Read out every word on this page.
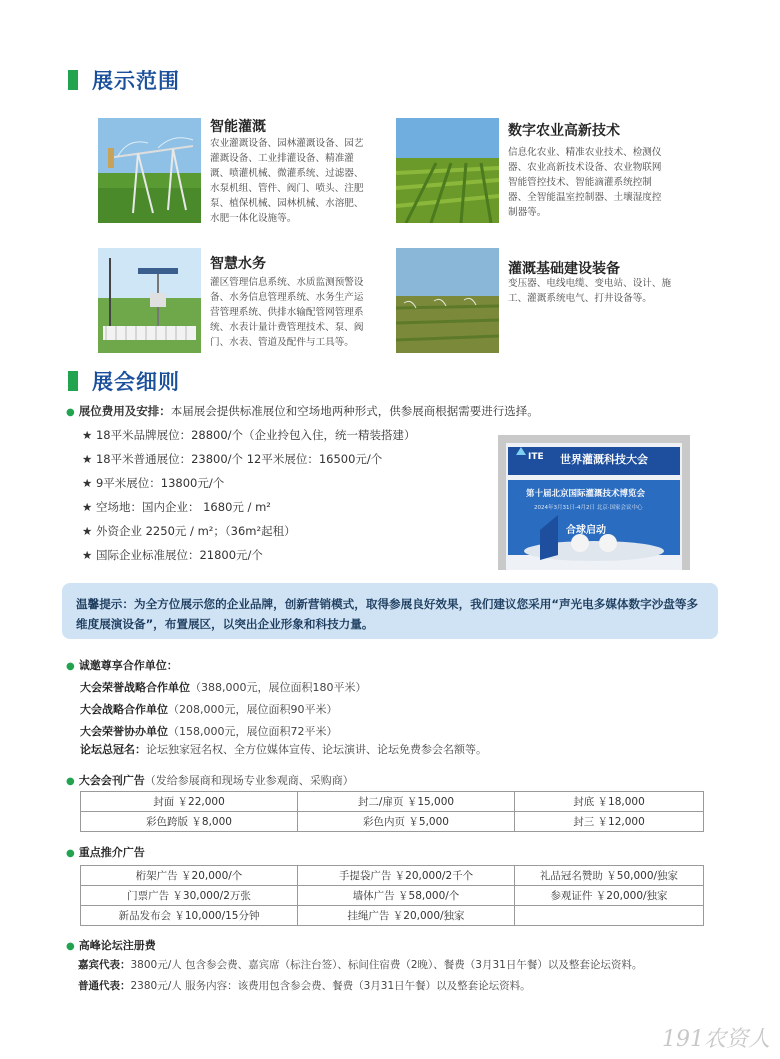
展示范围
智能灌溉
农业灌溉设备、园林灌溉设备、园艺灌溉设备、工业排灌设备、精准灌溉、喷灌机械、微灌系统、过滤器、水泵机组、管件、阀门、喷头、注肥泵、植保机械、园林机械、水溶肥、水肥一体化设施等。
数字农业高新技术
信息化农业、精准农业技术、检测仪器、农业高新技术设备、农业物联网智能管控技术、智能滴灌系统控制器、全智能温室控制器、土壤湿度控制器等。
智慧水务
灌区管理信息系统、水质监测预警设备、水务信息管理系统、水务生产运营管理系统、供排水输配管网管理系统、水表计量计费管理技术、泵、阀门、水表、管道及配件与工具等。
灌溉基础建设装备
变压器、电线电缆、变电站、设计、施工、灌溉系统电气、打井设备等。
展会细则
● 展位费用及安排：本届展会提供标准展位和空场地两种形式，供参展商根据需要进行选择。
★ 18平米品牌展位：28800/个（企业拎包入住，统一精装搭建）
★ 18平米普通展位：23800/个 12平米展位：16500元/个
★ 9平米展位：13800元/个
★ 空场地：国内企业： 1680元 / m²
★ 外资企业 2250元 / m²；（36m²起租）
★ 国际企业标准展位：21800元/个
ITE 世界灌溉科技大会
第十届北京国际灌溉技术博览会
2024年3月31日-4月2日 北京·国家会议中心
合球启动
温馨提示：为全方位展示您的企业品牌，创新营销模式，取得参展良好效果，我们建议您采用“声光电多媒体数字沙盘等多维度展演设备”，布置展区，以突出企业形象和科技力量。
● 诚邀尊享合作单位：
大会荣誉战略合作单位（388,000元，展位面积180平米）
大会战略合作单位（208,000元，展位面积90平米）
大会荣誉协办单位（158,000元，展位面积72平米）
论坛总冠名：论坛独家冠名权、全方位媒体宣传、论坛演讲、论坛免费参会名额等。
● 大会会刊广告（发给参展商和现场专业参观商、采购商）
封面 ￥22,000	封二/扉页 ￥15,000	封底 ￥18,000
彩色跨版 ￥8,000	彩色内页 ￥5,000	封三 ￥12,000
● 重点推介广告
桁架广告 ￥20,000/个	手提袋广告 ￥20,000/2千个	礼品冠名赞助 ￥50,000/独家
门票广告 ￥30,000/2万张	墙体广告 ￥58,000/个	参观证件 ￥20,000/独家
新品发布会 ￥10,000/15分钟	挂绳广告 ￥20,000/独家	
● 高峰论坛注册费
嘉宾代表：3800元/人 包含参会费、嘉宾席（标注台签）、标间住宿费（2晚）、餐费（3月31日午餐）以及整套论坛资料。
普通代表：2380元/人 服务内容：该费用包含参会费、餐费（3月31日午餐）以及整套论坛资料。
191农资人
